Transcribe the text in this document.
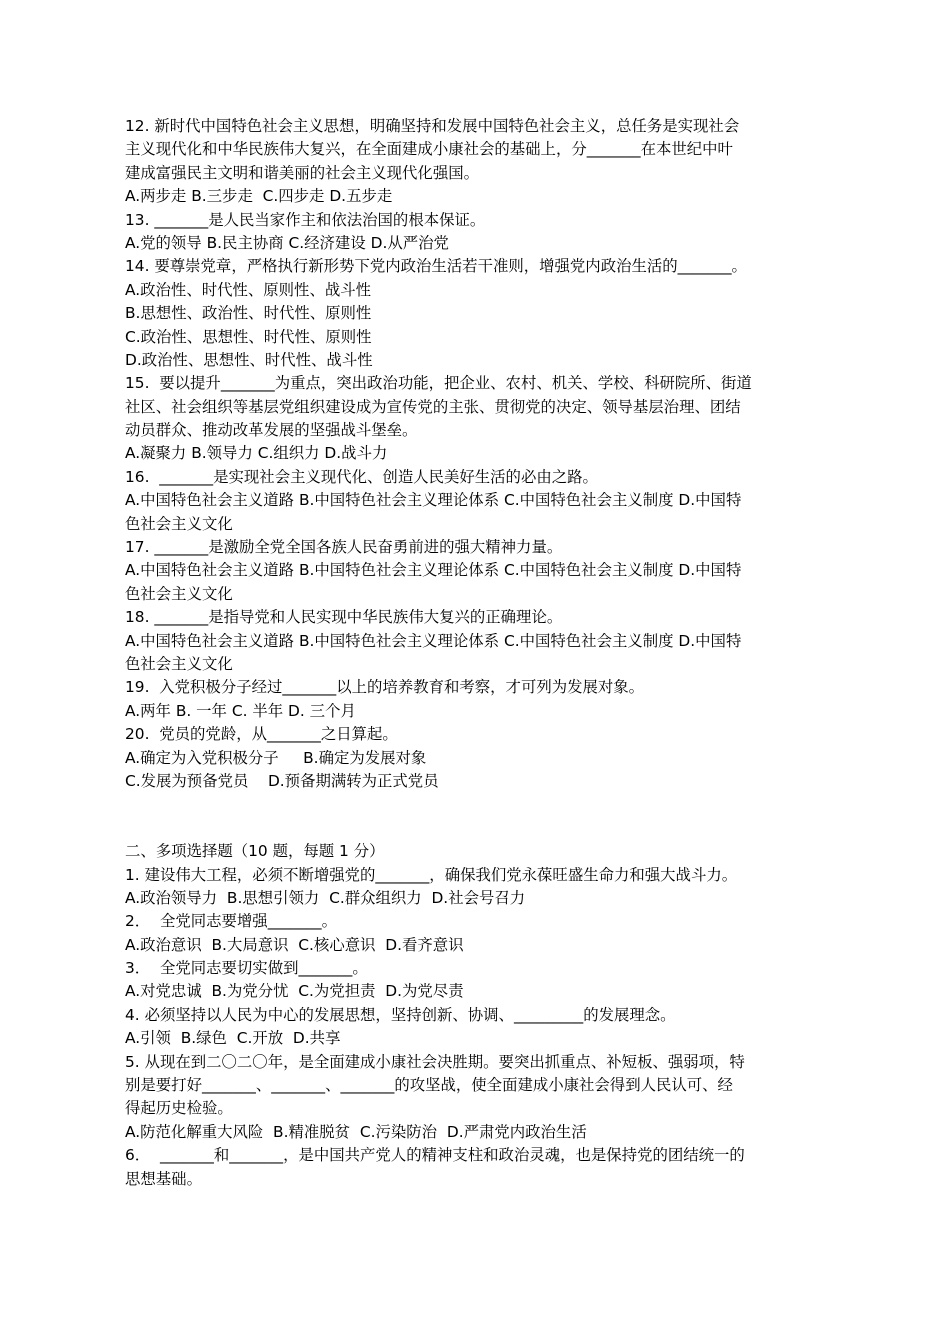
12. 新时代中国特色社会主义思想，明确坚持和发展中国特色社会主义，总任务是实现社会
主义现代化和中华民族伟大复兴，在全面建成小康社会的基础上，分_______在本世纪中叶
建成富强民主文明和谐美丽的社会主义现代化强国。
A.两步走 B.三步走  C.四步走 D.五步走
13. _______是人民当家作主和依法治国的根本保证。
A.党的领导 B.民主协商 C.经济建设 D.从严治党
14. 要尊崇党章，严格执行新形势下党内政治生活若干准则，增强党内政治生活的_______。
A.政治性、时代性、原则性、战斗性
B.思想性、政治性、时代性、原则性
C.政治性、思想性、时代性、原则性
D.政治性、思想性、时代性、战斗性
15.  要以提升_______为重点，突出政治功能，把企业、农村、机关、学校、科研院所、街道
社区、社会组织等基层党组织建设成为宣传党的主张、贯彻党的决定、领导基层治理、团结
动员群众、推动改革发展的坚强战斗堡垒。
A.凝聚力 B.领导力 C.组织力 D.战斗力
16.  _______是实现社会主义现代化、创造人民美好生活的必由之路。
A.中国特色社会主义道路 B.中国特色社会主义理论体系 C.中国特色社会主义制度 D.中国特
色社会主义文化
17. _______是激励全党全国各族人民奋勇前进的强大精神力量。
A.中国特色社会主义道路 B.中国特色社会主义理论体系 C.中国特色社会主义制度 D.中国特
色社会主义文化
18. _______是指导党和人民实现中华民族伟大复兴的正确理论。
A.中国特色社会主义道路 B.中国特色社会主义理论体系 C.中国特色社会主义制度 D.中国特
色社会主义文化
19.  入党积极分子经过_______以上的培养教育和考察，才可列为发展对象。
A.两年 B. 一年 C. 半年 D. 三个月
20.  党员的党龄，从_______之日算起。
A.确定为入党积极分子     B.确定为发展对象
C.发展为预备党员    D.预备期满转为正式党员
二、多项选择题（10 题，每题 1 分）
1. 建设伟大工程，必须不断增强党的_______，确保我们党永葆旺盛生命力和强大战斗力。
A.政治领导力  B.思想引领力  C.群众组织力  D.社会号召力
2．  全党同志要增强_______。
A.政治意识  B.大局意识  C.核心意识  D.看齐意识
3．  全党同志要切实做到_______。
A.对党忠诚  B.为党分忧  C.为党担责  D.为党尽责
4. 必须坚持以人民为中心的发展思想，坚持创新、协调、_________的发展理念。
A.引领  B.绿色  C.开放  D.共享
5. 从现在到二〇二〇年，是全面建成小康社会决胜期。要突出抓重点、补短板、强弱项，特
别是要打好_______、_______、_______的攻坚战，使全面建成小康社会得到人民认可、经
得起历史检验。
A.防范化解重大风险  B.精准脱贫  C.污染防治  D.严肃党内政治生活
6．  _______和_______，是中国共产党人的精神支柱和政治灵魂，也是保持党的团结统一的
思想基础。
